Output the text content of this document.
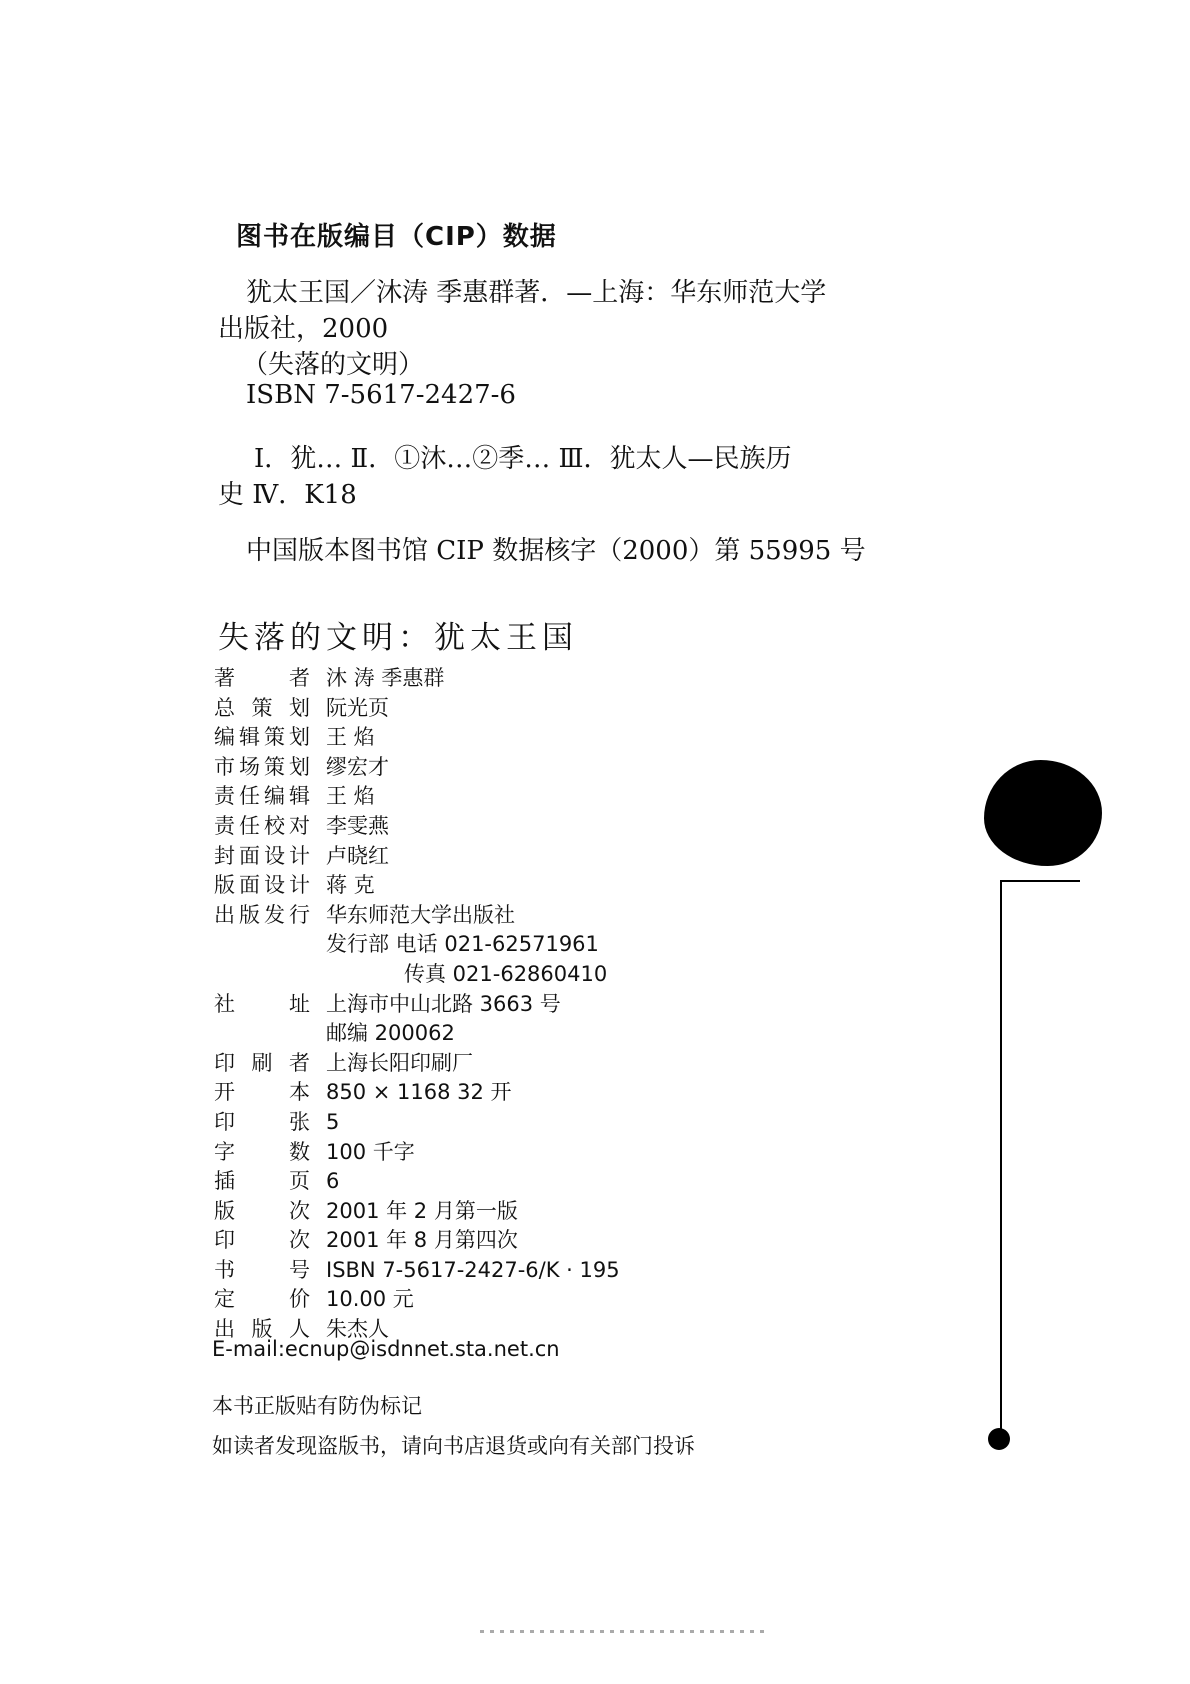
图书在版编目（CIP）数据
犹太王国／沐涛 季惠群著．—上海：华东师范大学
出版社，2000
（失落的文明）
ISBN 7-5617-2427-6
Ⅰ．犹… Ⅱ．①沐…②季… Ⅲ．犹太人—民族历
史 Ⅳ．K18
中国版本图书馆 CIP 数据核字（2000）第 55995 号
失落的文明：犹太王国
著	者 沐 涛 季惠群
总 策 划 阮光页
编 辑 策 划 王 焰
市 场 策 划 缪宏才
责 任 编 辑 王 焰
责 任 校 对 李雯燕
封 面 设 计 卢晓红
版 面 设 计 蒋 克
出 版 发 行 华东师范大学出版社
发行部 电话 021-62571961
传真 021-62860410
社	址 上海市中山北路 3663 号
邮编 200062
印 刷 者 上海长阳印刷厂
开	本 850 × 1168 32 开
印	张 5
字	数 100 千字
插	页 6
版	次 2001 年 2 月第一版
印	次 2001 年 8 月第四次
书	号 ISBN 7-5617-2427-6/K · 195
定	价 10.00 元
出 版 人 朱杰人
E-mail:ecnup@isdnnet.sta.net.cn
本书正版贴有防伪标记
如读者发现盗版书，请向书店退货或向有关部门投诉
